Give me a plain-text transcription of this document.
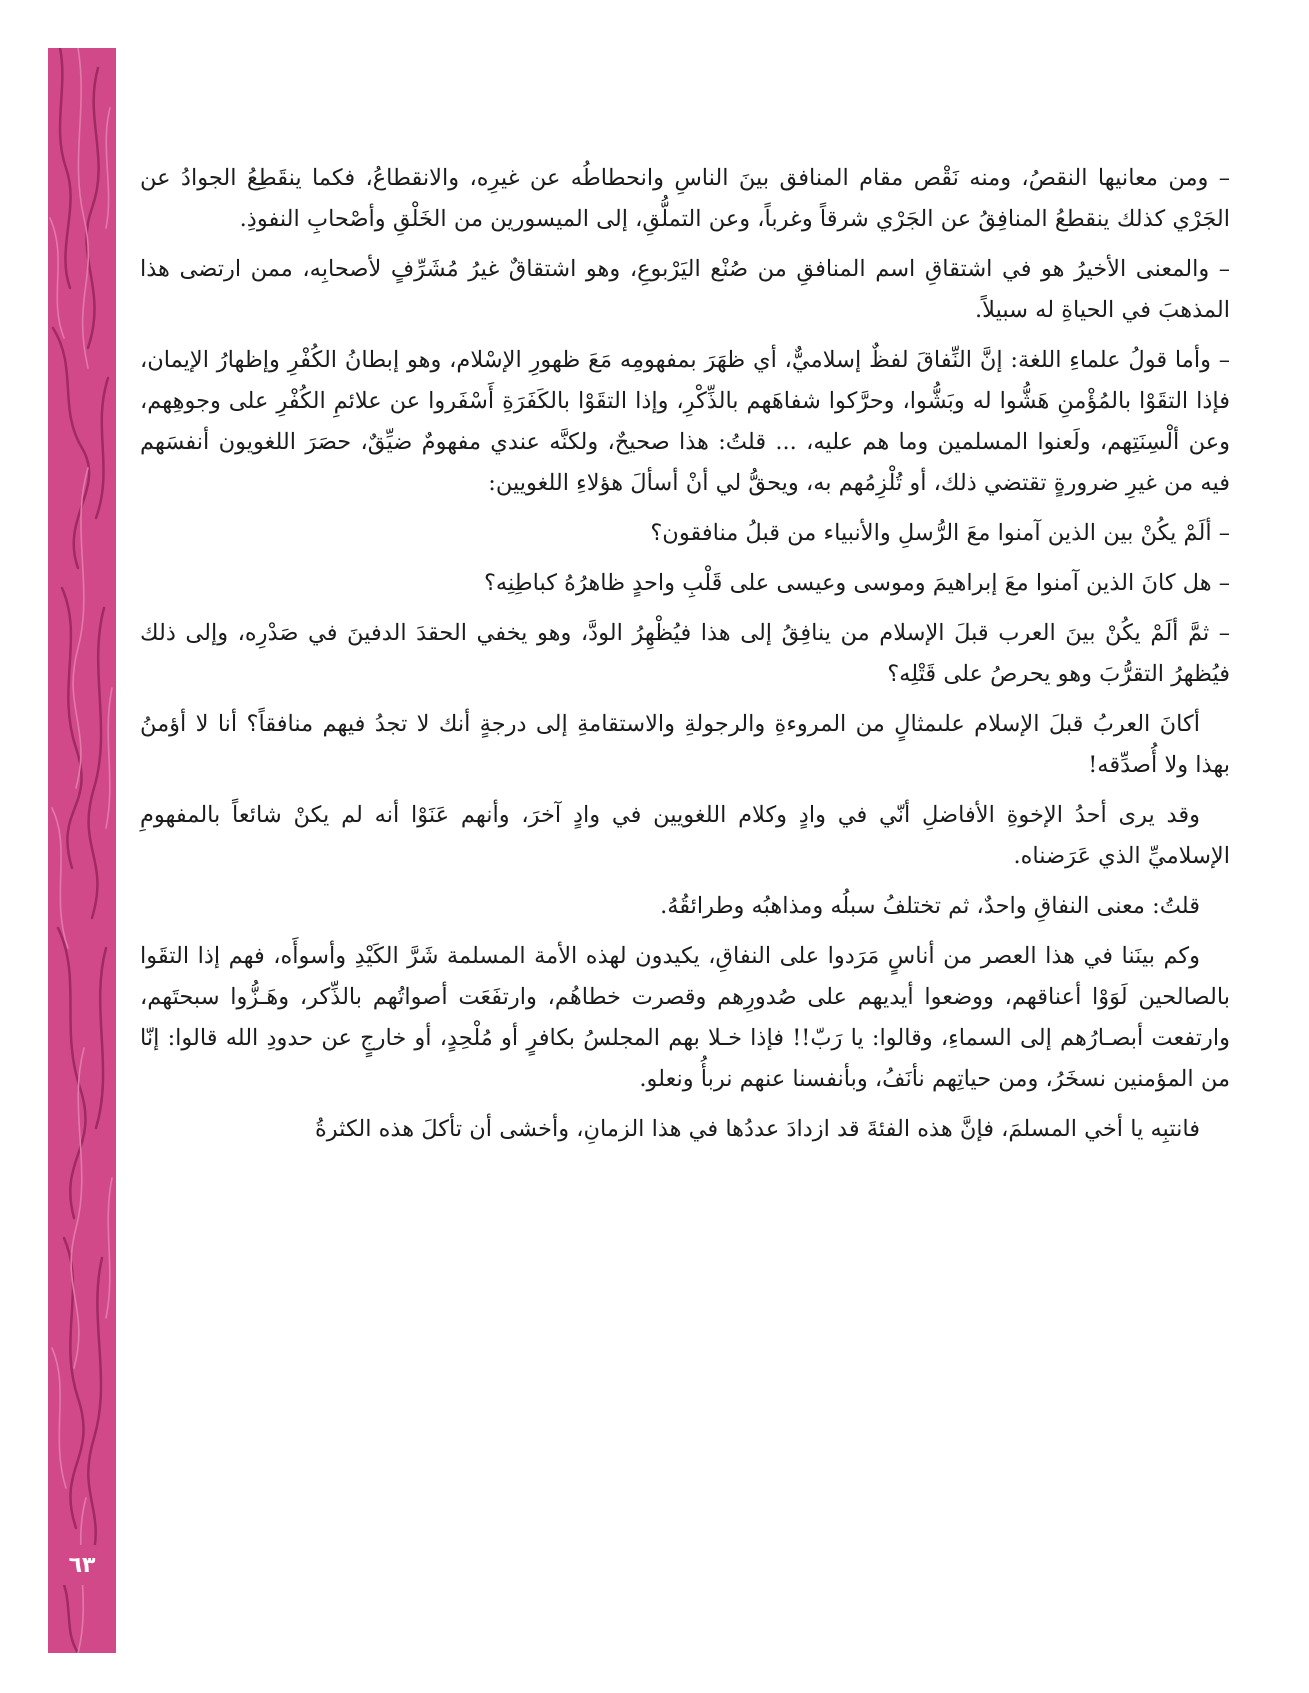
٦٣

– ومن معانيها النقصُ، ومنه نَقْص مقام المنافق بينَ الناسِ وانحطاطُه عن غيرِه، والانقطاعُ، فكما ينقَطِعُ الجوادُ عن الجَرْي كذلك ينقطعُ المنافِقُ عن الجَرْي شرقاً وغرباً، وعن التملُّقِ، إلى الميسورين من الخَلْقِ وأصْحابِ النفوذِ.

– والمعنى الأخيرُ هو في اشتقاقِ اسم المنافقِ من صُنْع اليَرْبوعِ، وهو اشتقاقٌ غيرُ مُشَرِّفٍ لأصحابِه، ممن ارتضى هذا المذهبَ في الحياةِ له سبيلاً.

– وأما قولُ علماءِ اللغة: إنَّ النِّفاقَ لفظٌ إسلاميٌّ، أي ظهَرَ بمفهومِه مَعَ ظهورِ الإسْلام، وهو إبطانُ الكُفْرِ وإظهارُ الإيمان، فإذا التقَوْا بالمُؤْمنِ هَشُّوا له وبَشُّوا، وحرَّكوا شفاهَهم بالذِّكْرِ، وإذا التقَوْا بالكَفَرَةِ أَسْفَروا عن علائمِ الكُفْرِ على وجوهِهم، وعن ألْسِنَتِهم، ولَعنوا المسلمين وما هم عليه، ... قلتُ: هذا صحيحٌ، ولكنَّه عندي مفهومٌ ضيِّقٌ، حصَرَ اللغويون أنفسَهم فيه من غيرِ ضرورةٍ تقتضي ذلك، أو تُلْزِمُهم به، ويحقُّ لي أنْ أسألَ هؤلاءِ اللغويين:

– ألَمْ يكُنْ بين الذين آمنوا معَ الرُّسلِ والأنبياء من قبلُ منافقون؟

– هل كانَ الذين آمنوا معَ إبراهيمَ وموسى وعيسى على قَلْبِ واحدٍ ظاهرُهُ كباطِنِه؟

– ثمَّ ألَمْ يكُنْ بينَ العرب قبلَ الإسلام من ينافِقُ إلى هذا فيُظْهِرُ الودَّ، وهو يخفي الحقدَ الدفينَ في صَدْرِه، وإلى ذلك فيُظهرُ التقرُّبَ وهو يحرصُ على قَتْلِه؟

أكانَ العربُ قبلَ الإسلام علىمثالٍ من المروءةِ والرجولةِ والاستقامةِ إلى درجةٍ أنك لا تجدُ فيهم منافقاً؟ أنا لا أؤمنُ بهذا ولا أُصدِّقه!

وقد يرى أحدُ الإخوةِ الأفاضلِ أنّي في وادٍ وكلام اللغويين في وادٍ آخرَ، وأنهم عَنَوْا أنه لم يكنْ شائعاً بالمفهومِ الإسلاميِّ الذي عَرَضناه.

قلتُ: معنى النفاقِ واحدٌ، ثم تختلفُ سبلُه ومذاهبُه وطرائقُهُ.

وكم بينَنا في هذا العصر من أناسٍ مَرَدوا على النفاقِ، يكيدون لهذه الأمة المسلمة شَرَّ الكَيْدِ وأسوأَه، فهم إذا التقَوا بالصالحين لَوَوْا أعناقهم، ووضعوا أيديهم على صُدورِهم وقصرت خطاهُم، وارتفَعَت أصواتُهم بالذِّكر، وهَـزُّوا سبحتَهم، وارتفعت أبصـارُهم إلى السماءِ، وقالوا: يا رَبّ!! فإذا خـلا بهم المجلسُ بكافرٍ أو مُلْحِدٍ، أو خارجٍ عن حدودِ الله قالوا: إنّا من المؤمنين نسخَرُ، ومن حياتِهم نأنَفُ، وبأنفسنا عنهم نربأُ ونعلو.

فانتبِه يا أخي المسلمَ، فإنَّ هذه الفئةَ قد ازدادَ عددُها في هذا الزمانِ، وأخشى أن تأكلَ هذه الكثرةُ
